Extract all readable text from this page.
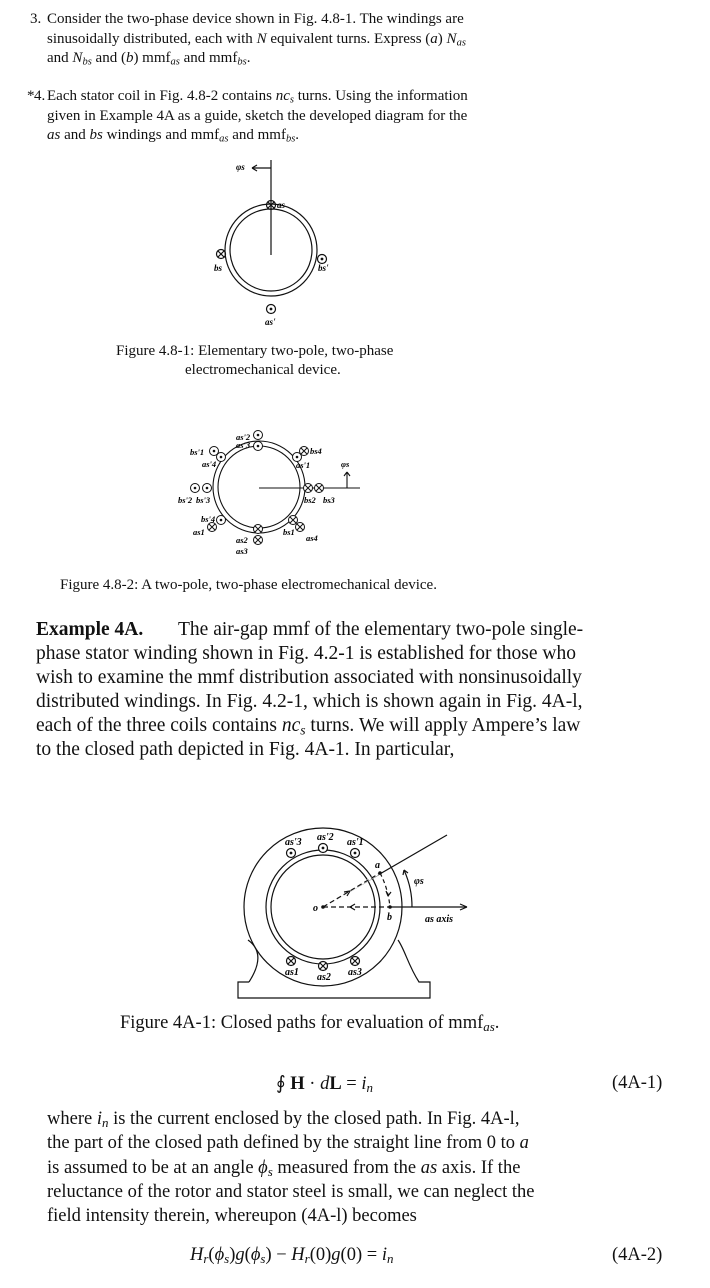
3.
* 4.
φs
as
bs	bs'
as'
Figure 4.8-1: Elementary two-pole, two-phase
electromechanical device.
as'2
as'3
bs'1
as'4
bs4
as'1	φs
bs'2 bs'3	bs2 bs3
bs'4
as1
as2
as3
bs1
as4
Figure 4.8-2: A two-pole, two-phase electromechanical device.
Example 4A.
as'3 as'2 as'1
a
o
b
φs
as axis
as1 as2 as3
(4A-1)
(4A-2)
Consider the two-phase device shown in Fig. 4.8-1. The windings are
sinusoidally distributed, each with N equivalent turns. Express (a) $N_{as}$
and $N_{bs}$ and (b) mmf$_{as}$ and mmf$_{bs}$.
Each stator coil in Fig. 4.8-2 contains $nc_s$ turns. Using the information
given in Example 4A as a guide, sketch the developed diagram for the
as and bs windings and mmf$_{as}$ and mmf$_{bs}$.
The air-gap mmf of the elementary two-pole single-
phase stator winding shown in Fig. 4.2-1 is established for those who
wish to examine the mmf distribution associated with nonsinusoidally
distributed windings. In Fig. 4.2-1, which is shown again in Fig. 4A-l,
each of the three coils contains $nc_s$ turns. We will apply Ampere’s law
to the closed path depicted in Fig. 4A-1. In particular,
Figure 4A-1: Closed paths for evaluation of mmf$_{as}$.
∮ H · dL = $i_n$
where $i_n$ is the current enclosed by the closed path. In Fig. 4A-l,
the part of the closed path defined by the straight line from 0 to a
is assumed to be at an angle $\phi_s$ measured from the as axis. If the
reluctance of the rotor and stator steel is small, we can neglect the
field intensity therein, whereupon (4A-l) becomes
$H_r(\phi_s)g(\phi_s) - H_r(0)g(0) = i_n$
